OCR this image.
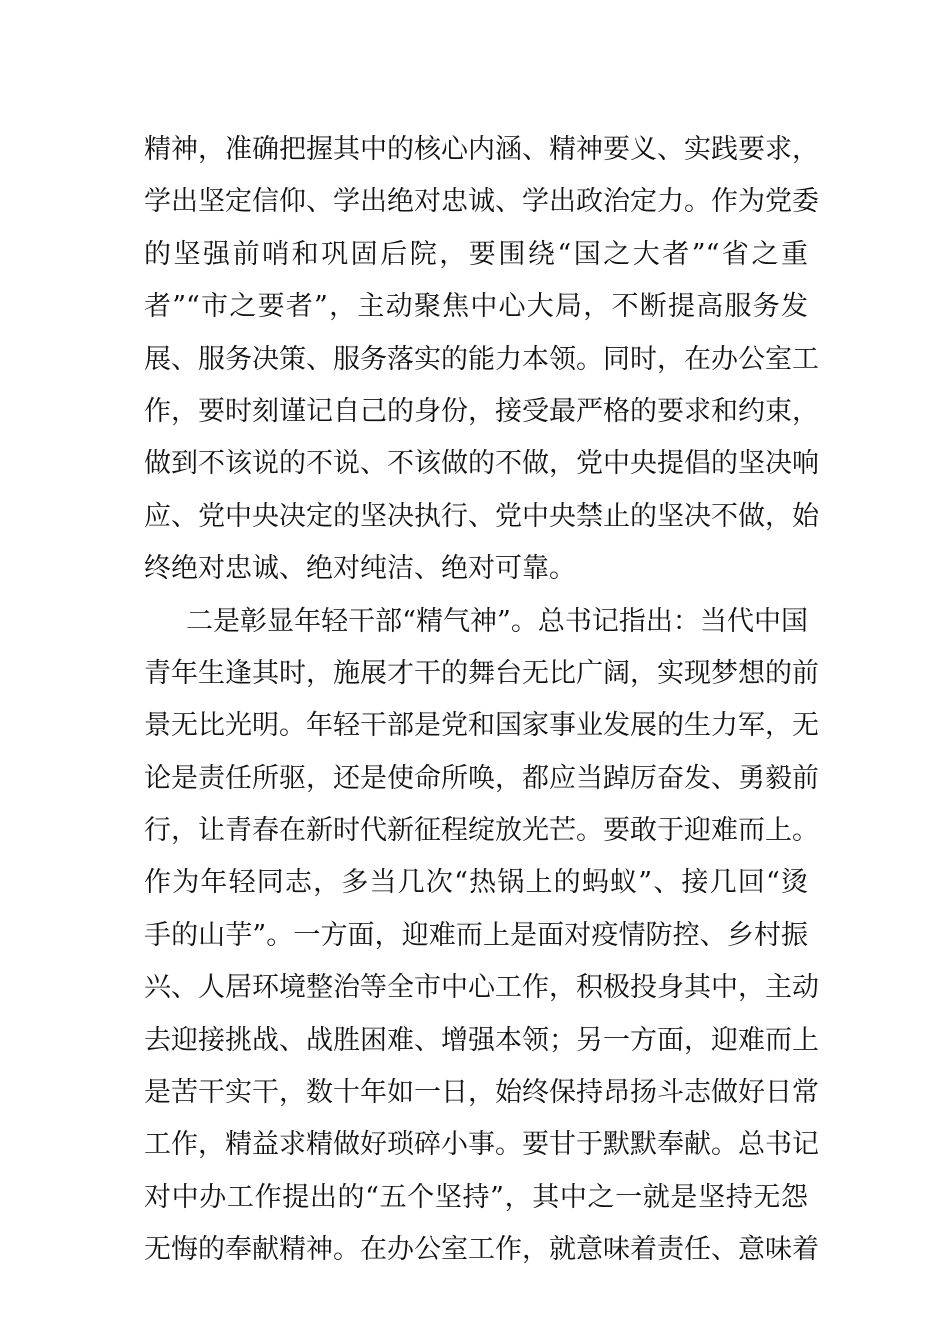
精神，准确把握其中的核心内涵、精神要义、实践要求，
学出坚定信仰、学出绝对忠诚、学出政治定力。作为党委
的坚强前哨和巩固后院，要围绕“国之大者”“省之重
者”“市之要者”，主动聚焦中心大局，不断提高服务发
展、服务决策、服务落实的能力本领。同时，在办公室工
作，要时刻谨记自己的身份，接受最严格的要求和约束，
做到不该说的不说、不该做的不做，党中央提倡的坚决响
应、党中央决定的坚决执行、党中央禁止的坚决不做，始
终绝对忠诚、绝对纯洁、绝对可靠。
二是彰显年轻干部“精气神”。总书记指出：当代中国
青年生逢其时，施展才干的舞台无比广阔，实现梦想的前
景无比光明。年轻干部是党和国家事业发展的生力军，无
论是责任所驱，还是使命所唤，都应当踔厉奋发、勇毅前
行，让青春在新时代新征程绽放光芒。要敢于迎难而上。
作为年轻同志，多当几次“热锅上的蚂蚁”、接几回“烫
手的山芋”。一方面，迎难而上是面对疫情防控、乡村振
兴、人居环境整治等全市中心工作，积极投身其中，主动
去迎接挑战、战胜困难、增强本领；另一方面，迎难而上
是苦干实干，数十年如一日，始终保持昂扬斗志做好日常
工作，精益求精做好琐碎小事。要甘于默默奉献。总书记
对中办工作提出的“五个坚持”，其中之一就是坚持无怨
无悔的奉献精神。在办公室工作，就意味着责任、意味着
